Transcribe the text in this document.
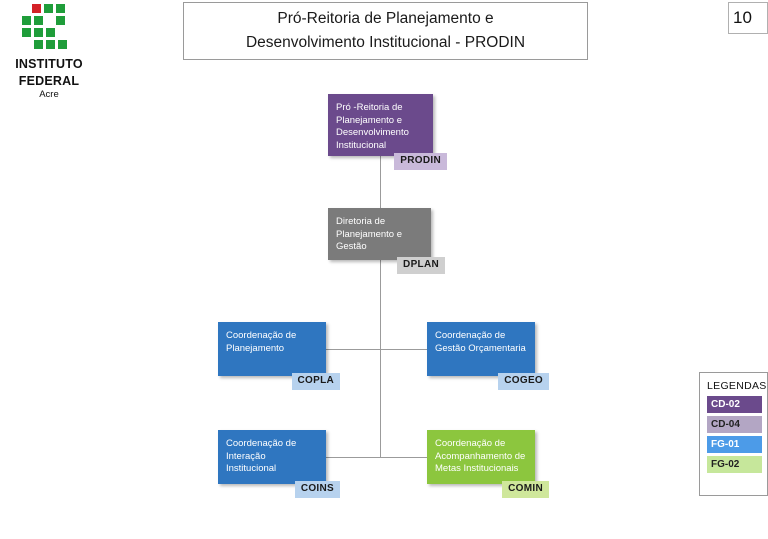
INSTITUTO
FEDERAL
Acre
Pró-Reitoria de Planejamento e
Desenvolvimento Institucional - PRODIN
10
Pró -Reitoria de Planejamento e Desenvolvimento Institucional
PRODIN
Diretoria de Planejamento e Gestão
DPLAN
Coordenação de Planejamento
COPLA
Coordenação de Gestão Orçamentaria
COGEO
Coordenação de Interação Institucional
COINS
Coordenação de Acompanhamento de Metas Institucionais
COMIN
LEGENDAS
CD-02
CD-04
FG-01
FG-02
